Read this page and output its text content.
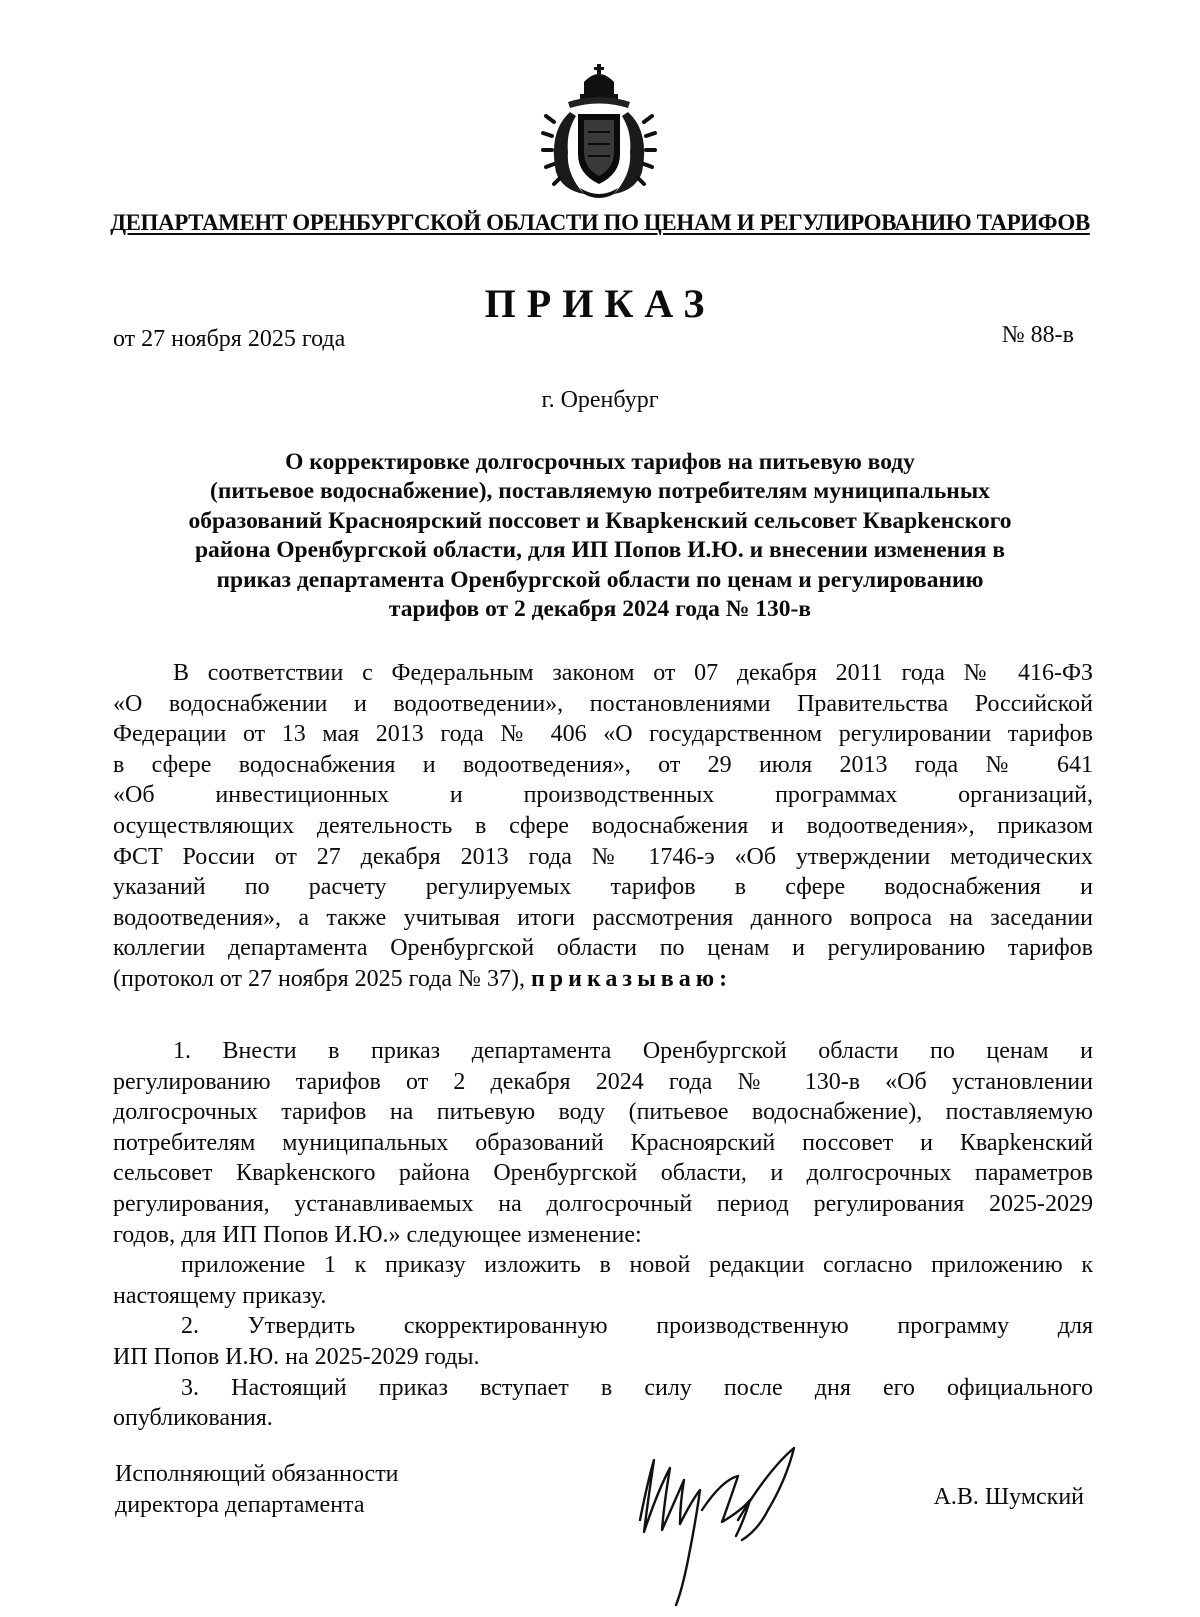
ДЕПАРТАМЕНТ ОРЕНБУРГСКОЙ ОБЛАСТИ ПО ЦЕНАМ И РЕГУЛИРОВАНИЮ ТАРИФОВ
ПРИКАЗ
от 27 ноября 2025 года	№ 88-в
г. Оренбург
О корректировке долгосрочных тарифов на питьевую воду
(питьевое водоснабжение), поставляемую потребителям муниципальных
образований Красноярский поссовет и Кварkенский сельсовет Кварkенского
района Оренбургской области, для ИП Попов И.Ю. и внесении изменения в
приказ департамента Оренбургской области по ценам и регулированию
тарифов от 2 декабря 2024 года № 130-в
В соответствии с Федеральным законом от 07 декабря 2011 года № 416-ФЗ
«О водоснабжении и водоотведении», постановлениями Правительства Российской
Федерации от 13 мая 2013 года № 406 «О государственном регулировании тарифов
в сфере водоснабжения и водоотведения», от 29 июля 2013 года № 641
«Об инвестиционных и производственных программах организаций,
осуществляющих деятельность в сфере водоснабжения и водоотведения», приказом
ФСТ России от 27 декабря 2013 года № 1746-э «Об утверждении методических
указаний по расчету регулируемых тарифов в сфере водоснабжения и
водоотведения», а также учитывая итоги рассмотрения данного вопроса на заседании
коллегии департамента Оренбургской области по ценам и регулированию тарифов
(протокол от 27 ноября 2025 года № 37), приказываю:
1. Внести в приказ департамента Оренбургской области по ценам и
регулированию тарифов от 2 декабря 2024 года № 130-в «Об установлении
долгосрочных тарифов на питьевую воду (питьевое водоснабжение), поставляемую
потребителям муниципальных образований Красноярский поссовет и Кварkенский
сельсовет Кварkенского района Оренбургской области, и долгосрочных параметров
регулирования, устанавливаемых на долгосрочный период регулирования 2025-2029
годов, для ИП Попов И.Ю.» следующее изменение:
приложение 1 к приказу изложить в новой редакции согласно приложению к
настоящему приказу.
2. Утвердить скорректированную производственную программу для
ИП Попов И.Ю. на 2025-2029 годы.
3. Настоящий приказ вступает в силу после дня его официального
опубликования.
Исполняющий обязанности
директора департамента	А.В. Шумский
